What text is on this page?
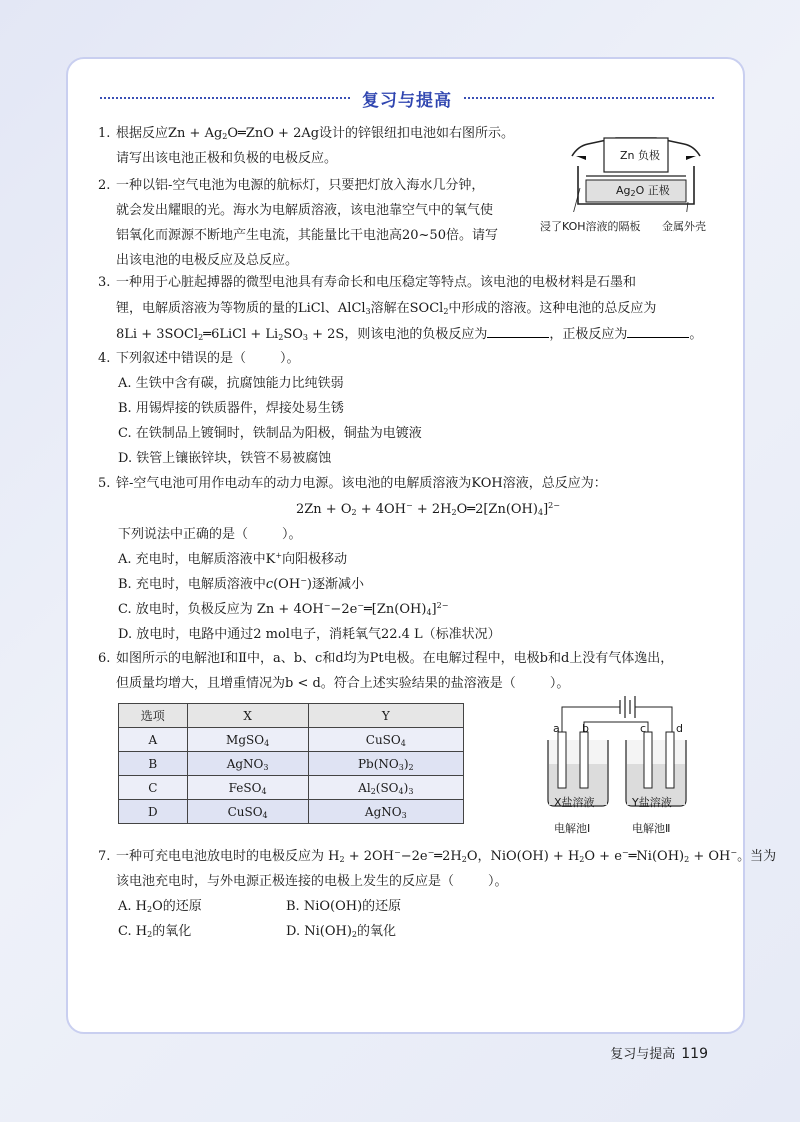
复习与提高
1. 根据反应$Zn + Ag_2O═ZnO + 2Ag$设计的锌银纽扣电池如右图所示。
请写出该电池正极和负极的电极反应。	Zn 负极
$Ag_2O$ 正极
浸了KOH溶液的隔板 金属外壳
2. 一种以铝-空气电池为电源的航标灯，只要把灯放入海水几分钟，
就会发出耀眼的光。海水为电解质溶液，该电池靠空气中的氧气使
铝氧化而源源不断地产生电流，其能量比干电池高20~50倍。请写
出该电池的电极反应及总反应。
3. 一种用于心脏起搏器的微型电池具有寿命长和电压稳定等特点。该电池的电极材料是石墨和
锂，电解质溶液为等物质的量的LiCl、AlCl$_3$溶解在SOCl$_2$中形成的溶液。这种电池的总反应为
8Li + 3SOCl$_2$═6LiCl + $Li_2SO_3 + 2S$，则该电池的负极反应为	，正极反应为	。
4. 下列叙述中错误的是（	）。
A. 生铁中含有碳，抗腐蚀能力比纯铁弱
B. 用锡焊接的铁质器件，焊接处易生锈
C. 在铁制品上镀铜时，铁制品为阳极，铜盐为电镀液
D. 铁管上镶嵌锌块，铁管不易被腐蚀
5. 锌-空气电池可用作电动车的动力电源。该电池的电解质溶液为KOH溶液，总反应为：
$2Zn + O_2 + 4OH^-$ + $2H_2O═2[Zn(OH)_4]^{2-}$
下列说法中正确的是（	）。
A. 充电时，电解质溶液中K+向阳极移动
B. 充电时，电解质溶液中c(OH−)逐渐减小
C. 放电时，负极反应为 $Zn + 4OH^--2e^-═[Zn(OH)_4]^{2-}$
D. 放电时，电路中通过2 mol电子，消耗氧气22.4 L（标准状况）
6. 如图所示的电解池Ⅰ和Ⅱ中，a、b、c和d均为Pt电极。在电解过程中，电极b和d上没有气体逸出，
但质量均增大，且增重情况为b < d。符合上述实验结果的盐溶液是（	）。
选项	X	Y
A	MgSO$_4$	CuSO$_4$
B	AgNO$_3$	$Pb(NO_3)_2$
C	FeSO$_4$	$Al_2(SO_4)_3$
D	CuSO$_4$	AgNO$_3$
a b	c	d
X盐溶液	Y盐溶液
电解池Ⅰ	电解池Ⅱ
7. 一种可充电电池放电时的电极反应为 $H_2$ + $2OH^--2e^-═2H_2O$，$NiO(OH) + H_2O$ + $e^-═Ni(OH)_2 + OH^-$。当为
该电池充电时，与外电源正极连接的电极上发生的反应是（	）。
A. $H_2O$的还原	B. NiO(OH)的还原
C. $H_2$的氧化	D. $Ni(OH)_2$的氧化
复习与提高 119
